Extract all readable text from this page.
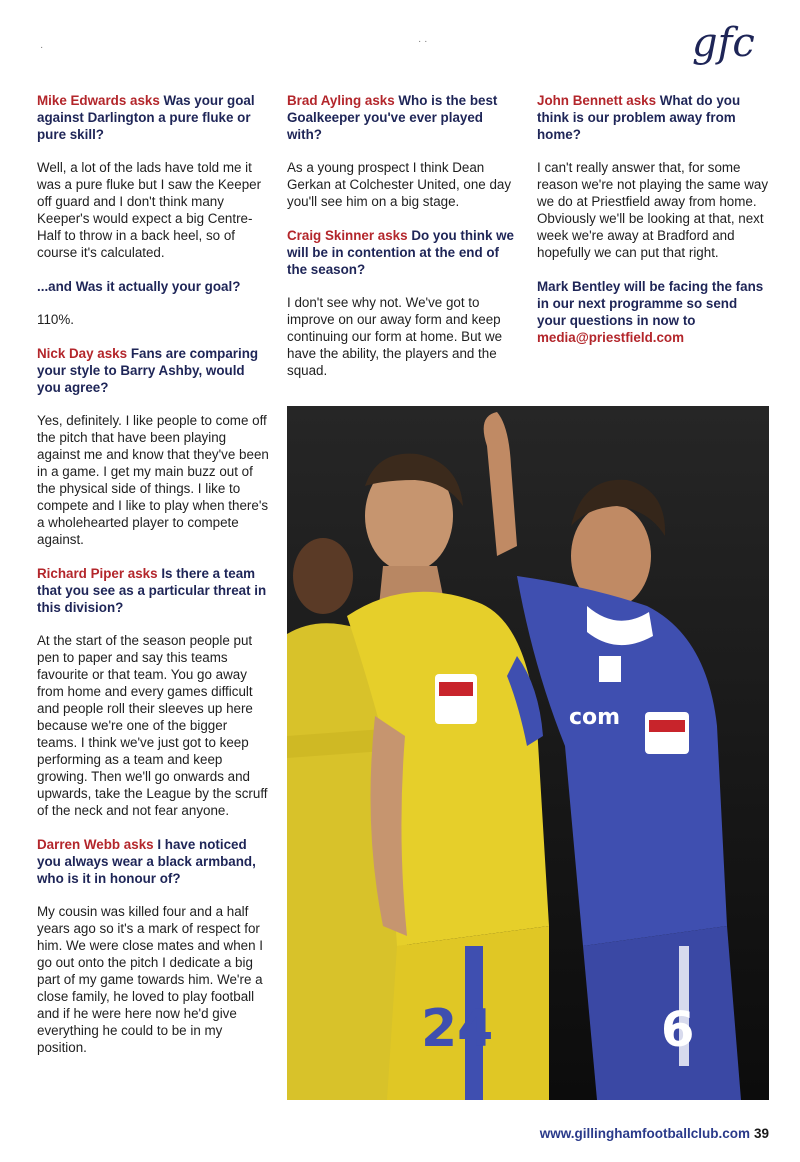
gfc
·
· ·

Mike Edwards asks Was your goal against Darlington a pure fluke or pure skill?

Well, a lot of the lads have told me it was a pure fluke but I saw the Keeper off guard and I don't think many Keeper's would expect a big Centre-Half to throw in a back heel, so of course it's calculated.

...and Was it actually your goal?

110%.

Nick Day asks Fans are comparing your style to Barry Ashby, would you agree?

Yes, definitely. I like people to come off the pitch that have been playing against me and know that they've been in a game. I get my main buzz out of the physical side of things. I like to compete and I like to play when there's a wholehearted player to compete against.

Richard Piper asks Is there a team that you see as a particular threat in this division?

At the start of the season people put pen to paper and say this teams favourite or that team. You go away from home and every games difficult and people roll their sleeves up here because we're one of the bigger teams. I think we've just got to keep performing as a team and keep growing. Then we'll go onwards and upwards, take the League by the scruff of the neck and not fear anyone.

Darren Webb asks I have noticed you always wear a black armband, who is it in honour of?

My cousin was killed four and a half years ago so it's a mark of respect for him. We were close mates and when I go out onto the pitch I dedicate a big part of my game towards him. We're a close family, he loved to play football and if he were here now he'd give everything he could to be in my position.

Brad Ayling asks Who is the best Goalkeeper you've ever played with?

As a young prospect I think Dean Gerkan at Colchester United, one day you'll see him on a big stage.

Craig Skinner asks Do you think we will be in contention at the end of the season?

I don't see why not. We've got to improve on our away form and keep continuing our form at home. But we have the ability, the players and the squad.

John Bennett asks What do you think is our problem away from home?

I can't really answer that, for some reason we're not playing the same way we do at Priestfield away from home. Obviously we'll be looking at that, next week we're away at Bradford and hopefully we can put that right.

Mark Bentley will be facing the fans in our next programme so send your questions in now to media@priestfield.com

24	6
com
www.gillinghamfootballclub.com 39
